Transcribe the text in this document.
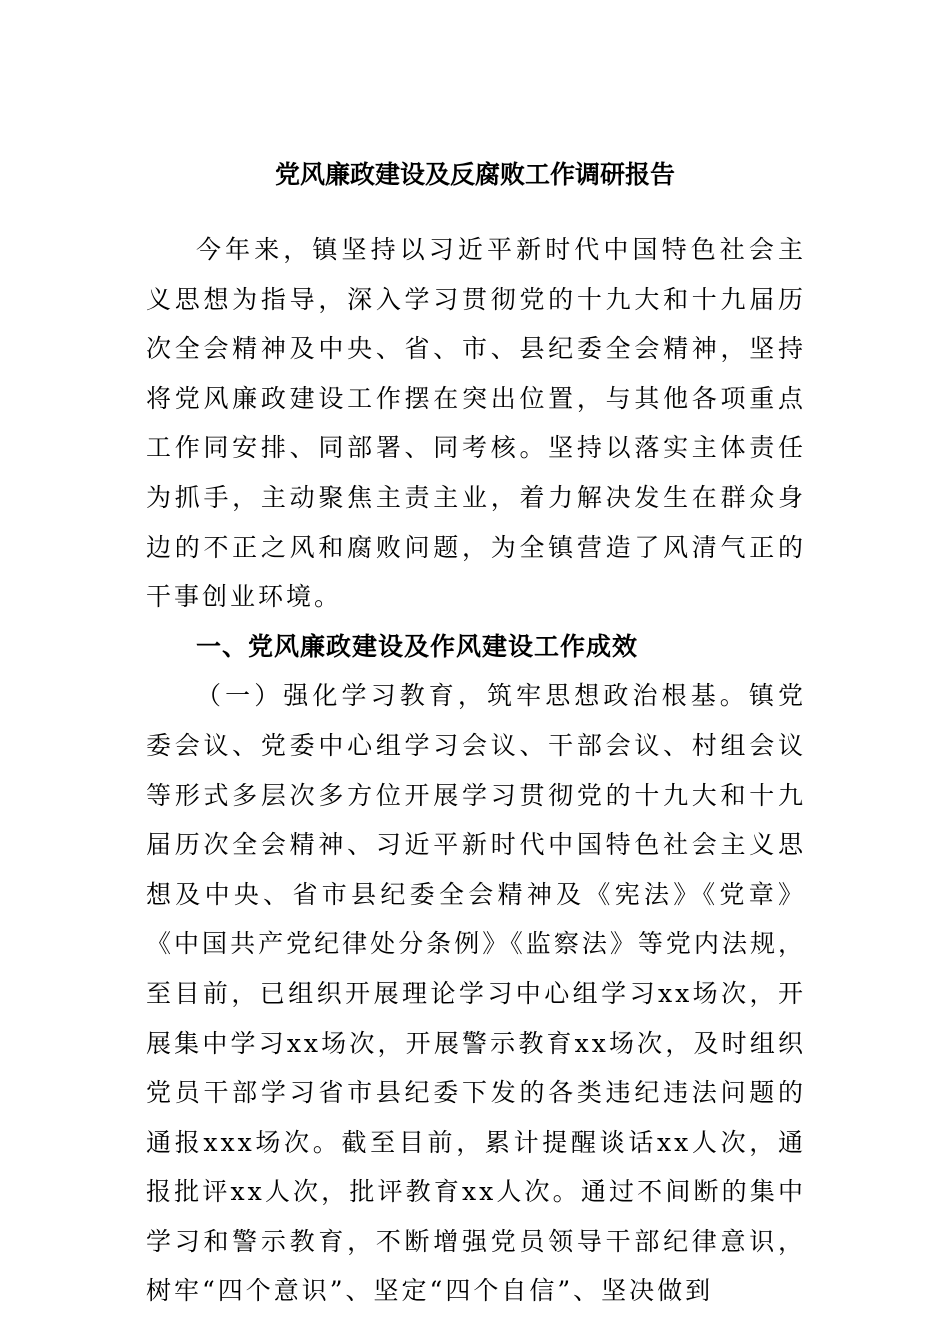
党风廉政建设及反腐败工作调研报告

今年来，镇坚持以习近平新时代中国特色社会主义思想为指导，深入学习贯彻党的十九大和十九届历次全会精神及中央、省、市、县纪委全会精神，坚持将党风廉政建设工作摆在突出位置，与其他各项重点工作同安排、同部署、同考核。坚持以落实主体责任为抓手，主动聚焦主责主业，着力解决发生在群众身边的不正之风和腐败问题，为全镇营造了风清气正的干事创业环境。

一、党风廉政建设及作风建设工作成效

（一）强化学习教育，筑牢思想政治根基。镇党委会议、党委中心组学习会议、干部会议、村组会议等形式多层次多方位开展学习贯彻党的十九大和十九届历次全会精神、习近平新时代中国特色社会主义思想及中央、省市县纪委全会精神及《宪法》《党章》《中国共产党纪律处分条例》《监察法》等党内法规，至目前，已组织开展理论学习中心组学习xx场次，开展集中学习xx场次，开展警示教育xx场次，及时组织党员干部学习省市县纪委下发的各类违纪违法问题的通报xxx场次。截至目前，累计提醒谈话xx人次，通报批评xx人次，批评教育xx人次。通过不间断的集中学习和警示教育，不断增强党员领导干部纪律意识，树牢“四个意识”、坚定“四个自信”、坚决做到
